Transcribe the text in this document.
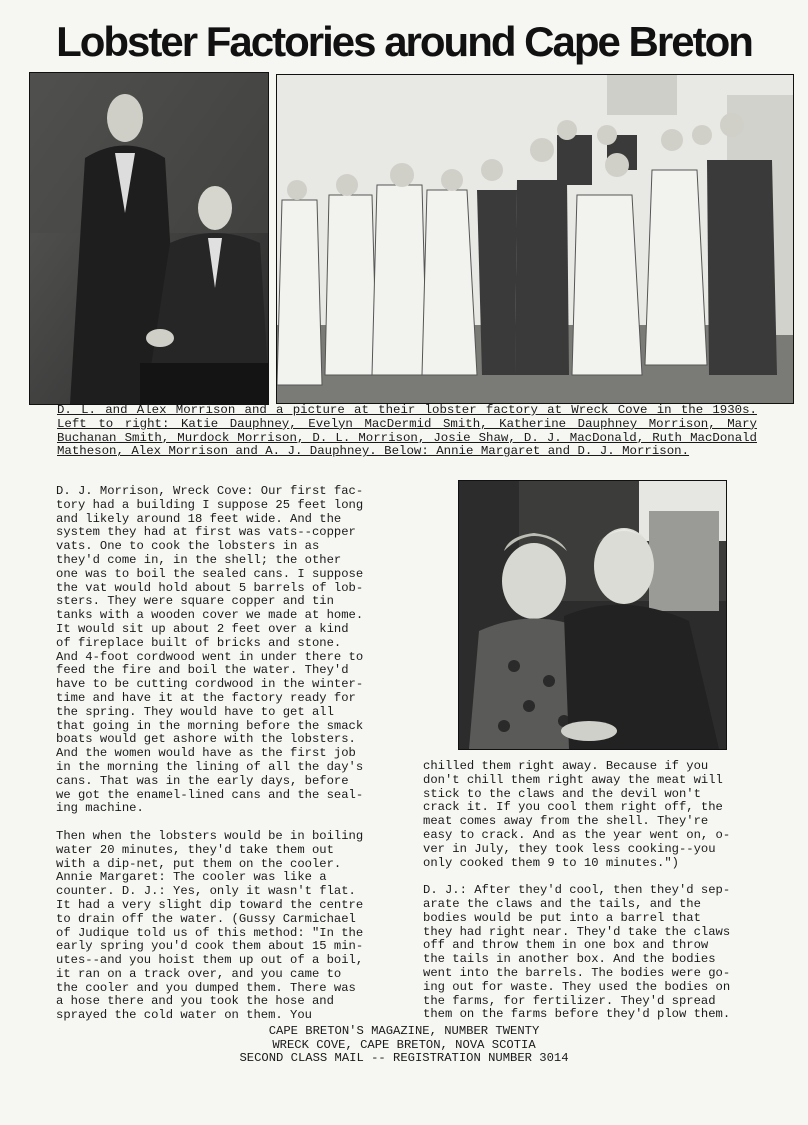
Lobster Factories around Cape Breton

D. L. and Alex Morrison and a picture at their lobster factory at Wreck Cove in the 1930s. Left to right: Katie Dauphney, Evelyn MacDermid Smith, Katherine Dauphney Morrison, Mary Buchanan Smith, Murdock Morrison, D. L. Morrison, Josie Shaw, D. J. MacDonald, Ruth MacDonald Matheson, Alex Morrison and A. J. Dauphney. Below: Annie Margaret and D. J. Morrison.

D. J. Morrison, Wreck Cove: Our first fac-
tory had a building I suppose 25 feet long
and likely around 18 feet wide. And the
system they had at first was vats--copper
vats. One to cook the lobsters in as
they'd come in, in the shell; the other
one was to boil the sealed cans. I suppose
the vat would hold about 5 barrels of lob-
sters. They were square copper and tin
tanks with a wooden cover we made at home.
It would sit up about 2 feet over a kind
of fireplace built of bricks and stone.
And 4-foot cordwood went in under there to
feed the fire and boil the water. They'd
have to be cutting cordwood in the winter-
time and have it at the factory ready for
the spring. They would have to get all
that going in the morning before the smack
boats would get ashore with the lobsters.
And the women would have as the first job
in the morning the lining of all the day's
cans. That was in the early days, before
we got the enamel-lined cans and the seal-
ing machine.

Then when the lobsters would be in boiling
water 20 minutes, they'd take them out
with a dip-net, put them on the cooler.
Annie Margaret: The cooler was like a
counter. D. J.: Yes, only it wasn't flat.
It had a very slight dip toward the centre
to drain off the water. (Gussy Carmichael
of Judique told us of this method: "In the
early spring you'd cook them about 15 min-
utes--and you hoist them up out of a boil,
it ran on a track over, and you came to
the cooler and you dumped them. There was
a hose there and you took the hose and
sprayed the cold water on them. You

chilled them right away. Because if you
don't chill them right away the meat will
stick to the claws and the devil won't
crack it. If you cool them right off, the
meat comes away from the shell. They're
easy to crack. And as the year went on, o-
ver in July, they took less cooking--you
only cooked them 9 to 10 minutes.")

D. J.: After they'd cool, then they'd sep-
arate the claws and the tails, and the
bodies would be put into a barrel that
they had right near. They'd take the claws
off and throw them in one box and throw
the tails in another box. And the bodies
went into the barrels. The bodies were go-
ing out for waste. They used the bodies on
the farms, for fertilizer. They'd spread
them on the farms before they'd plow them.

CAPE BRETON'S MAGAZINE, NUMBER TWENTY
WRECK COVE, CAPE BRETON, NOVA SCOTIA
SECOND CLASS MAIL -- REGISTRATION NUMBER 3014
